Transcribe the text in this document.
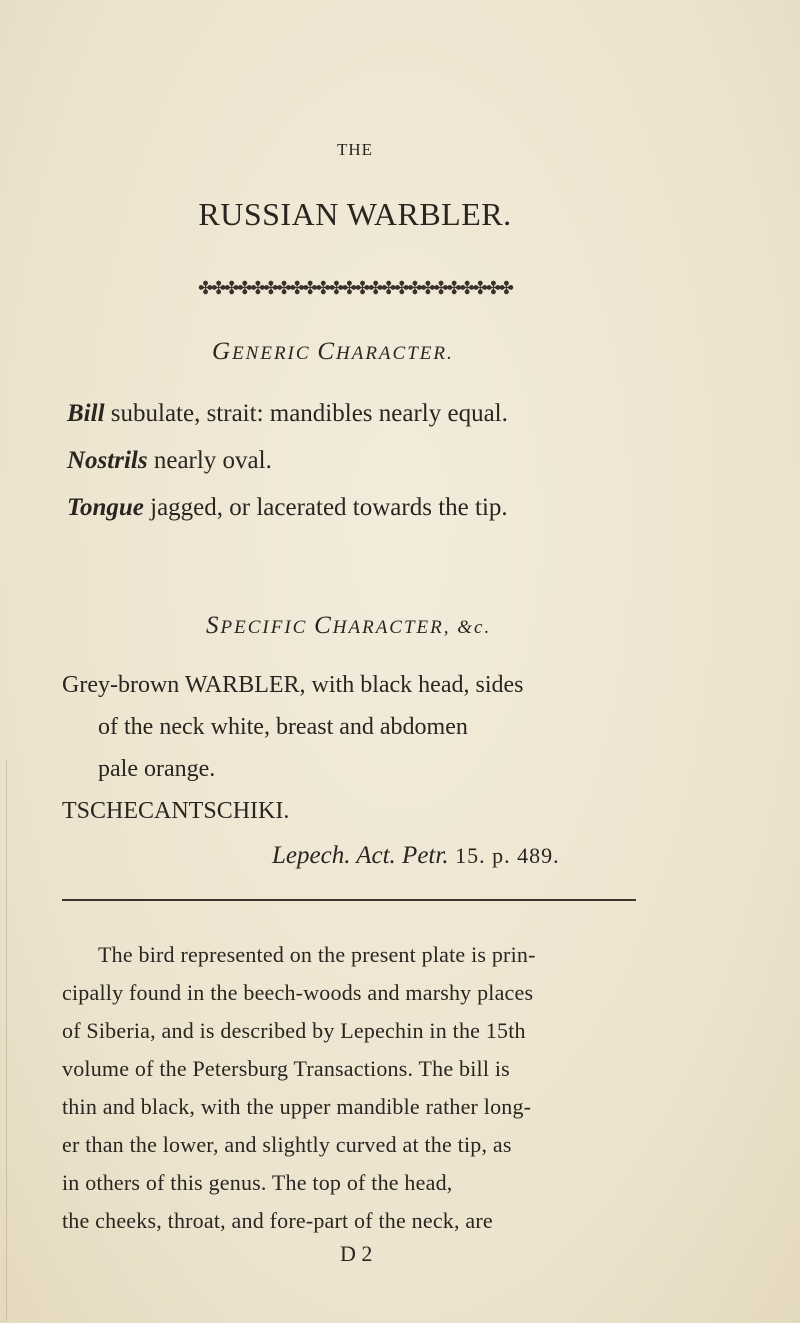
THE
RUSSIAN WARBLER.
✤✤✤✤✤✤✤✤✤✤✤✤✤✤✤✤✤✤✤✤✤✤✤✤
GENERIC CHARACTER.
Bill subulate, strait: mandibles nearly equal.
Nostrils nearly oval.
Tongue jagged, or lacerated towards the tip.
SPECIFIC CHARACTER, &c.
Grey-brown WARBLER, with black head, sides
of the neck white, breast and abdomen
pale orange.
TSCHECANTSCHIKI.
Lepech. Act. Petr. 15. p. 489.
The bird represented on the present plate is prin-
cipally found in the beech-woods and marshy places
of Siberia, and is described by Lepechin in the 15th
volume of the Petersburg Transactions. The bill is
thin and black, with the upper mandible rather long-
er than the lower, and slightly curved at the tip, as
in others of this genus. The top of the head,
the cheeks, throat, and fore-part of the neck, are
D 2
